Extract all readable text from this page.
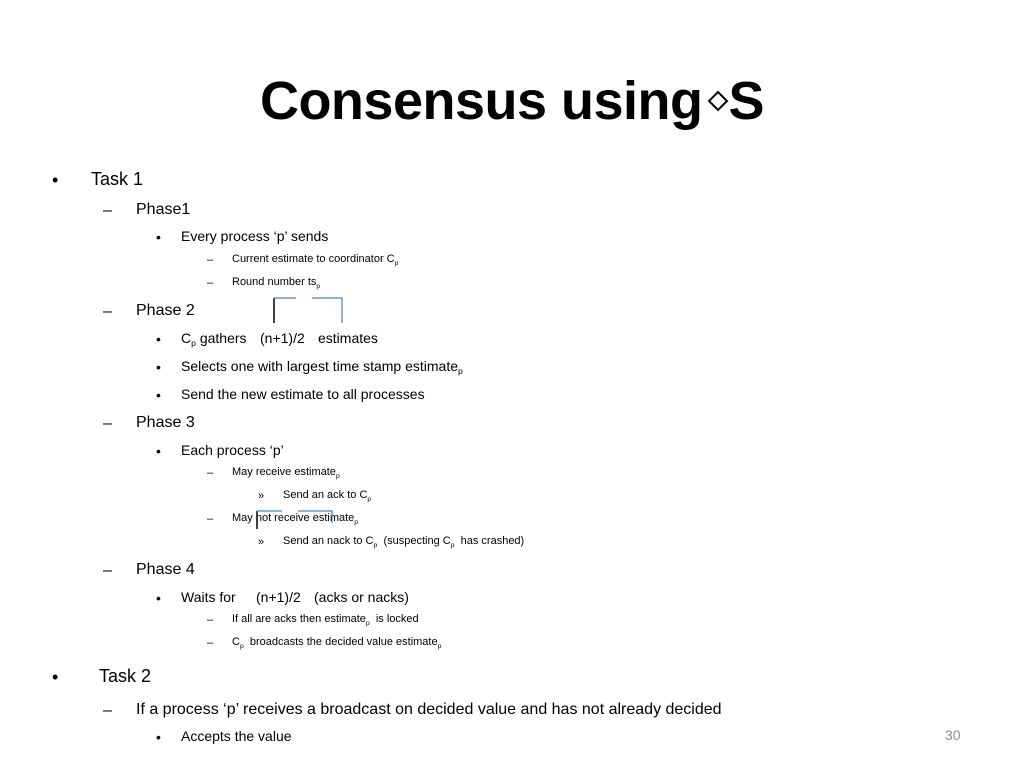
Consensus using S
• Task 1
– Phase1
• Every process ‘p’ sends
– Current estimate to coordinator $C_p$
– Round number $ts_p$
– Phase 2
• $C_p$ gathers (n+1)/2 estimates
• Selects one with largest time stamp estimate$_p$
• Send the new estimate to all processes
– Phase 3
• Each process ‘p’
– May receive estimate$_p$
» Send an ack to $C_p$
– May not receive estimate$_p$
» Send an nack to $C_p$ (suspecting $C_p$ has crashed)
– Phase 4
• Waits for (n+1)/2 (acks or nacks)
– If all are acks then estimate$_p$ is locked
– $C_p$ broadcasts the decided value estimate$_p$
• Task 2
– If a process ‘p’ receives a broadcast on decided value and has not already decided
• Accepts the value	30
